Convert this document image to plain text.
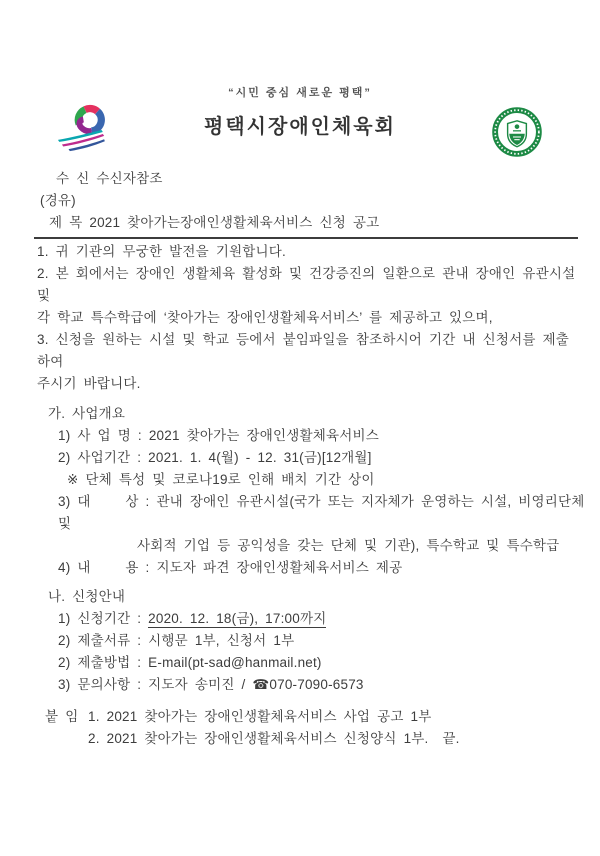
“시민 중심 새로운 평택”
평택시장애인체육회
수 신 수신자참조
(경유)
제 목 2021 찾아가는장애인생활체육서비스 신청 공고
1. 귀 기관의 무궁한 발전을 기원합니다.
2. 본 회에서는 장애인 생활체육 활성화 및 건강증진의 일환으로 관내 장애인 유관시설 및
각 학교 특수학급에 ‘찾아가는 장애인생활체육서비스’ 를 제공하고 있으며,
3. 신청을 원하는 시설 및 학교 등에서 붙임파일을 참조하시어 기간 내 신청서를 제출하여
주시기 바랍니다.
가. 사업개요
1) 사 업 명 : 2021 찾아가는 장애인생활체육서비스
2) 사업기간 : 2021. 1. 4(월) - 12. 31(금)[12개월]
※ 단체 특성 및 코로나19로 인해 배치 기간 상이
3) 대     상 : 관내 장애인 유관시설(국가 또는 지자체가 운영하는 시설, 비영리단체 및
사회적 기업 등 공익성을 갖는 단체 및 기관), 특수학교 및 특수학급
4) 내     용 : 지도자 파견 장애인생활체육서비스 제공
나. 신청안내
1) 신청기간 : 2020. 12. 18(금), 17:00까지
2) 제출서류 : 시행문 1부, 신청서 1부
2) 제출방법 : E-mail(pt-sad@hanmail.net)
3) 문의사항 : 지도자 송미진 / ☎070-7090-6573
붙 임 1. 2021 찾아가는 장애인생활체육서비스 사업 공고 1부
2. 2021 찾아가는 장애인생활체육서비스 신청양식 1부.  끝.
